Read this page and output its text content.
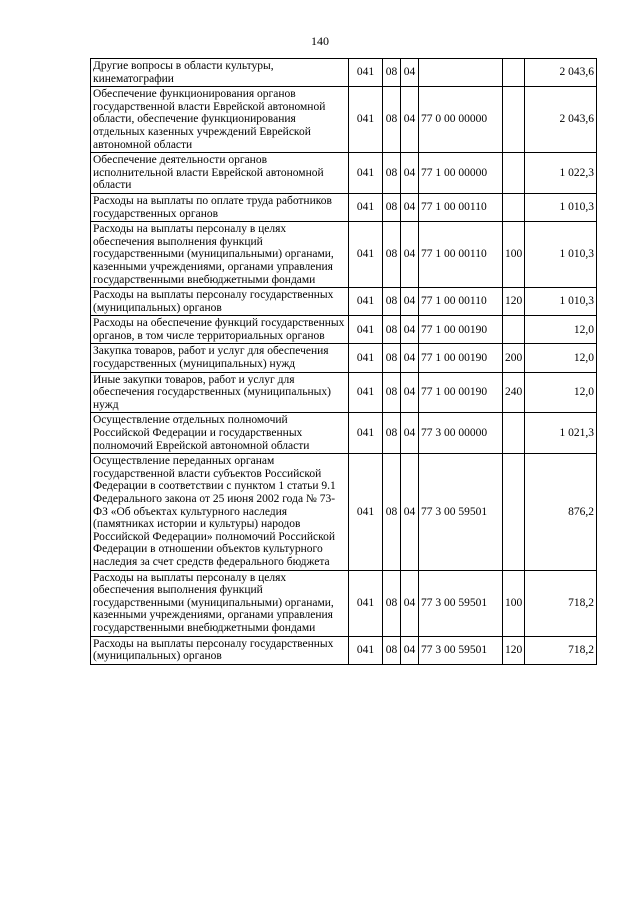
140
Другие вопросы в области культуры, кинематографии	041	08	04			2 043,6
Обеспечение функционирования органов государственной власти Еврейской автономной области, обеспечение функционирования отдельных казенных учреждений Еврейской автономной области	041	08	04	77 0 00 00000		2 043,6
Обеспечение деятельности органов исполнительной власти Еврейской автономной области	041	08	04	77 1 00 00000		1 022,3
Расходы на выплаты по оплате труда работников государственных органов	041	08	04	77 1 00 00110		1 010,3
Расходы на выплаты персоналу в целях обеспечения выполнения функций государственными (муниципальными) органами, казенными учреждениями, органами управления государственными внебюджетными фондами	041	08	04	77 1 00 00110	100	1 010,3
Расходы на выплаты персоналу государственных (муниципальных) органов	041	08	04	77 1 00 00110	120	1 010,3
Расходы на обеспечение функций государственных органов, в том числе территориальных органов	041	08	04	77 1 00 00190		12,0
Закупка товаров, работ и услуг для обеспечения государственных (муниципальных) нужд	041	08	04	77 1 00 00190	200	12,0
Иные закупки товаров, работ и услуг для обеспечения государственных (муниципальных) нужд	041	08	04	77 1 00 00190	240	12,0
Осуществление отдельных полномочий Российской Федерации и государственных полномочий Еврейской автономной области	041	08	04	77 3 00 00000		1 021,3
Осуществление переданных органам государственной власти субъектов Российской Федерации в соответствии с пунктом 1 статьи 9.1 Федерального закона от 25 июня 2002 года № 73-ФЗ «Об объектах культурного наследия (памятниках истории и культуры) народов Российской Федерации» полномочий Российской Федерации в отношении объектов культурного наследия за счет средств федерального бюджета	041	08	04	77 3 00 59501		876,2
Расходы на выплаты персоналу в целях обеспечения выполнения функций государственными (муниципальными) органами, казенными учреждениями, органами управления государственными внебюджетными фондами	041	08	04	77 3 00 59501	100	718,2
Расходы на выплаты персоналу государственных (муниципальных) органов	041	08	04	77 3 00 59501	120	718,2
